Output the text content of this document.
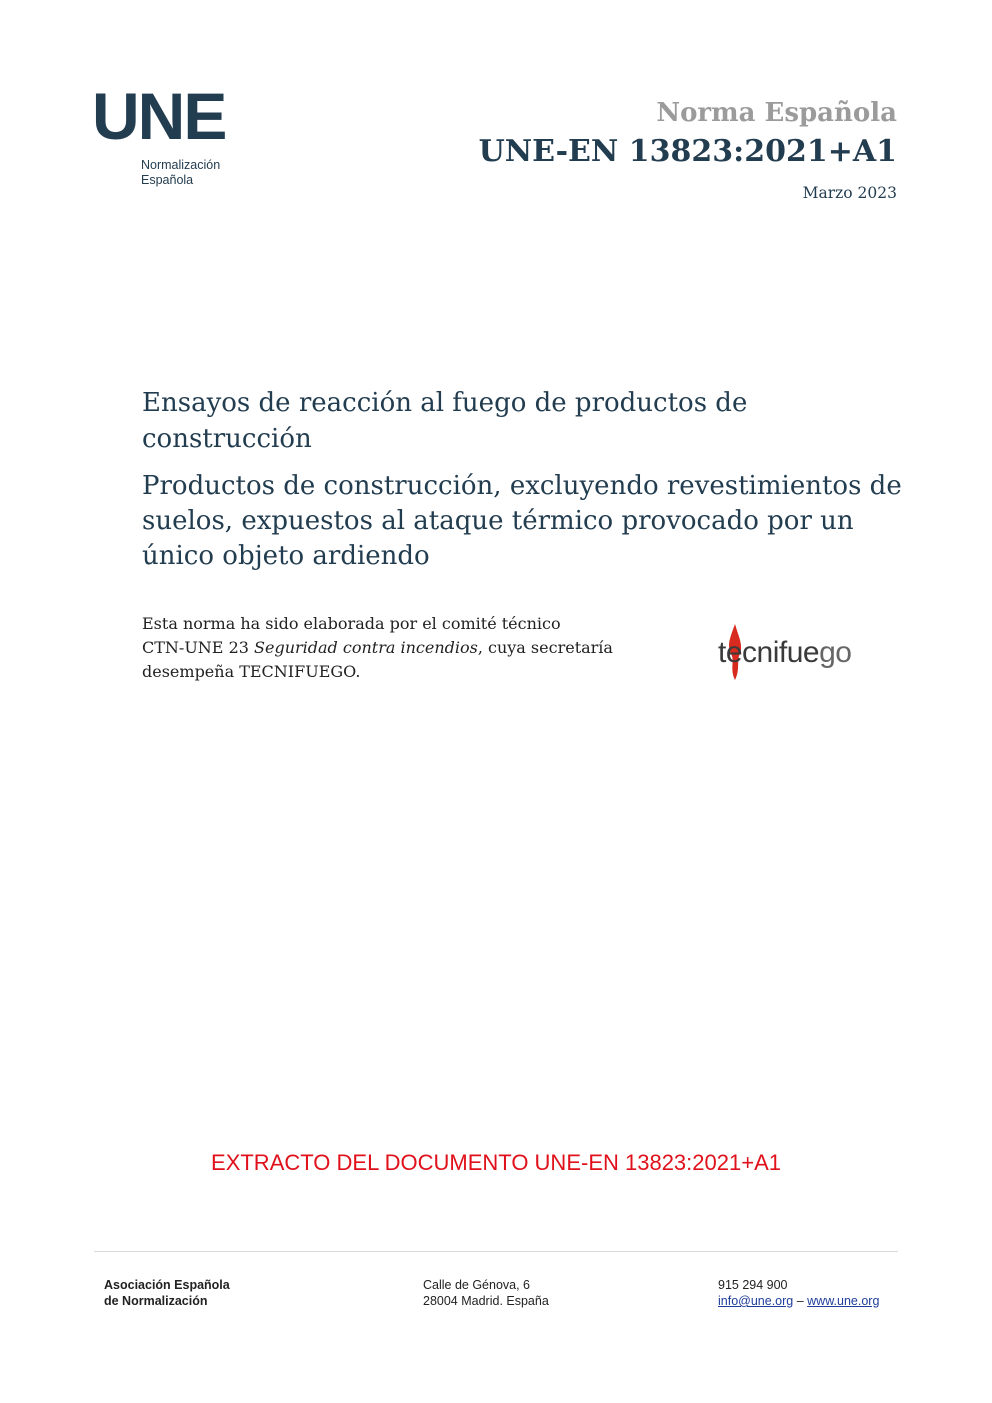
UNE
Normalización
Española
Norma Española
UNE-EN 13823:2021+A1
Marzo 2023
Ensayos de reacción al fuego de productos de construcción
Productos de construcción, excluyendo revestimientos de suelos, expuestos al ataque térmico provocado por un único objeto ardiendo
Esta norma ha sido elaborada por el comité técnico
CTN-UNE 23 Seguridad contra incendios, cuya secretaría
desempeña TECNIFUEGO.
tecnifuego
EXTRACTO DEL DOCUMENTO UNE-EN 13823:2021+A1
Asociación Española
de Normalización
Calle de Génova, 6
28004 Madrid. España
915 294 900
info@une.org – www.une.org
